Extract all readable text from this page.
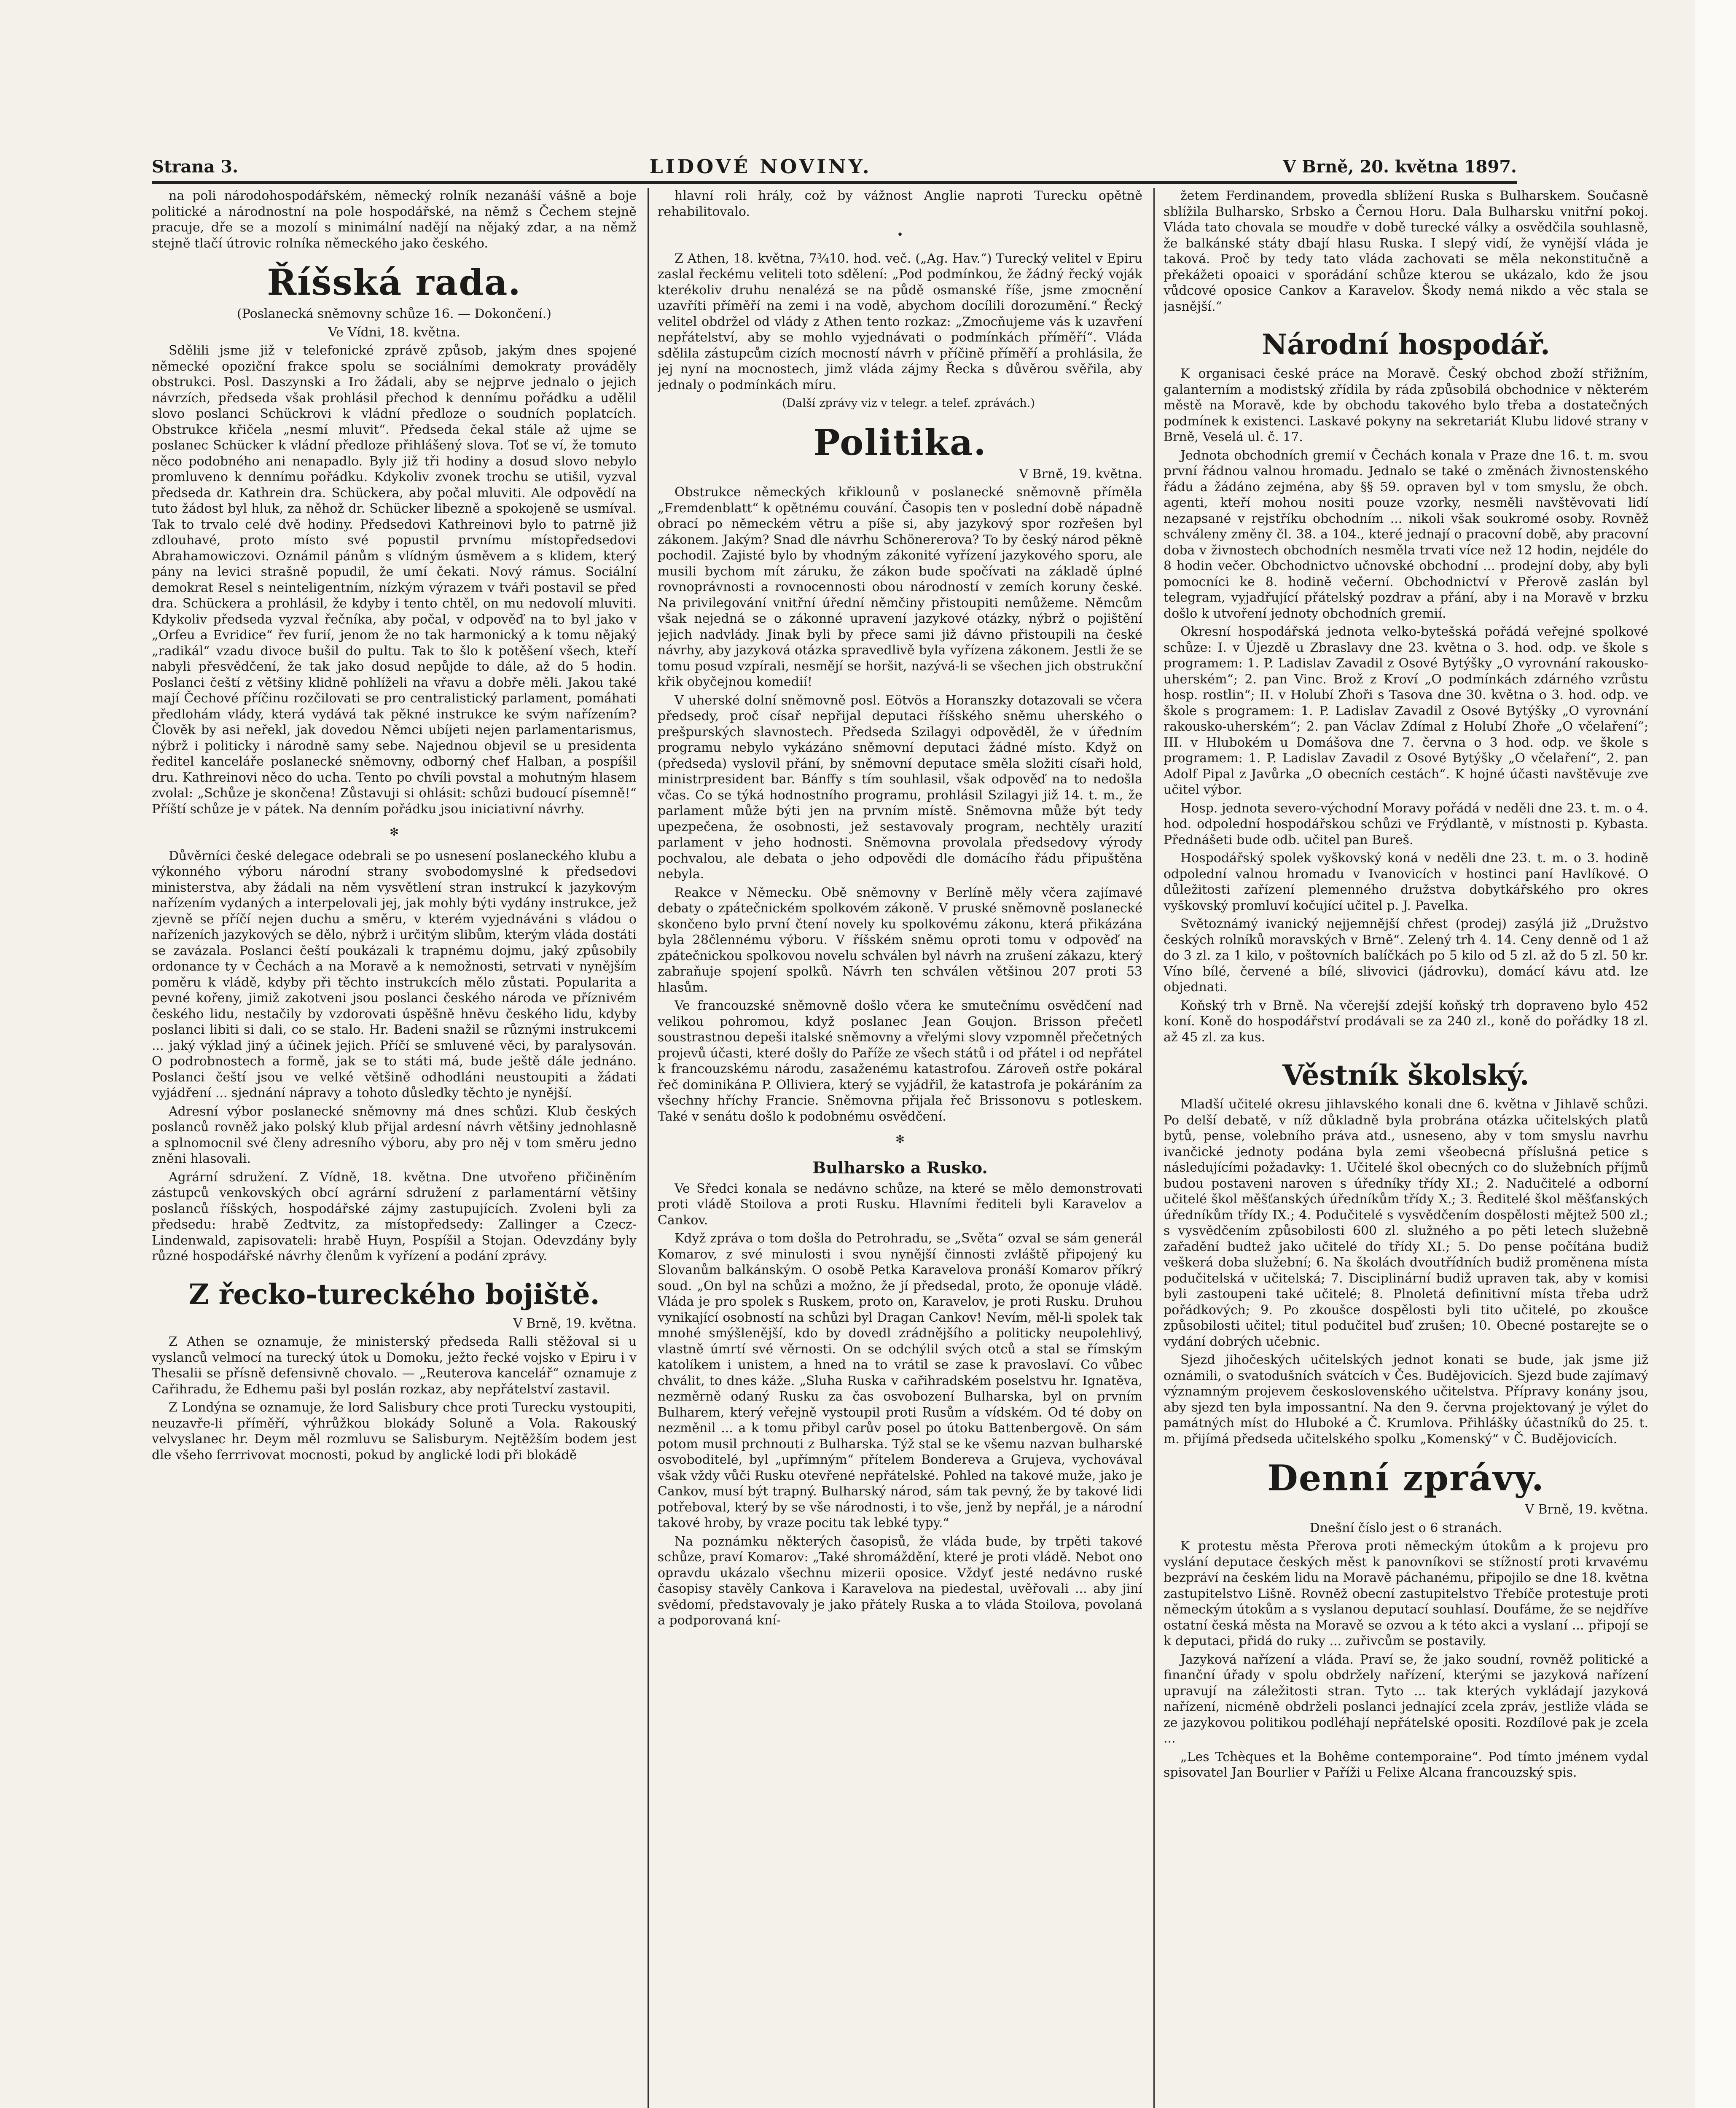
Strana 3.	LIDOVÉ NOVINY.	V Brně, 20. května 1897.

na poli národohospodářském, německý rolník nezanáší vášně a boje politické a národnostní na pole hospodářské, na němž s Čechem stejně pracuje, dře se a mozolí s minimální nadějí na nějaký zdar, a na němž stejně tlačí útrovic rolníka německého jako českého.

Říšská rada.

(Poslanecká sněmovny schůze 16. — Dokončení.)

Ve Vídni, 18. května.

Sdělili jsme již v telefonické zprávě způsob, jakým dnes spojené německé opoziční frakce spolu se sociálními demokraty prováděly obstrukci. Posl. Daszynski a Iro žádali, aby se nejprve jednalo o jejich návrzích, předseda však prohlásil přechod k dennímu pořádku a udělil slovo poslanci Schückrovi k vládní předloze o soudních poplatcích. Obstrukce křičela „nesmí mluvit“. Předseda čekal stále až ujme se poslanec Schücker k vládní předloze přihlášený slova. Toť se ví, že tomuto něco podobného ani nenapadlo. Byly již tři hodiny a dosud slovo nebylo promluveno k dennímu pořádku. Kdykoliv zvonek trochu se utišil, vyzval předseda dr. Kathrein dra. Schückera, aby počal mluviti. Ale odpovědí na tuto žádost byl hluk, za něhož dr. Schücker libezně a spokojeně se usmíval. Tak to trvalo celé dvě hodiny. Předsedovi Kathreinovi bylo to patrně již zdlouhavé, proto místo své popustil prvnímu místopředsedovi Abrahamowiczovi. Oznámil pánům s vlídným úsměvem a s klidem, který pány na levici strašně popudil, že umí čekati. Nový rámus. Sociální demokrat Resel s neinteligentním, nízkým výrazem v tváři postavil se před dra. Schückera a prohlásil, že kdyby i tento chtěl, on mu nedovolí mluviti. Kdykoliv předseda vyzval řečníka, aby počal, v odpověď na to byl jako v „Orfeu a Evridice“ řev furií, jenom že no tak harmonický a k tomu nějaký „radikál“ vzadu divoce bušil do pultu. Tak to šlo k potěšení všech, kteří nabyli přesvědčení, že tak jako dosud nepůjde to dále, až do 5 hodin. Poslanci čeští z většiny klidně pohlíželi na vřavu a dobře měli. Jakou také mají Čechové příčinu rozčilovati se pro centralistický parlament, pomáhati předlohám vlády, která vydává tak pěkné instrukce ke svým nařízením? Člověk by asi neřekl, jak dovedou Němci ubíjeti nejen parlamentarismus, nýbrž i politicky i národně samy sebe. Najednou objevil se u presidenta ředitel kanceláře poslanecké sněmovny, odborný chef Halban, a pospíšil dru. Kathreinovi něco do ucha. Tento po chvíli povstal a mohutným hlasem zvolal: „Schůze je skončena! Zůstavuji si ohlásit: schůzi budoucí písemně!“ Příští schůze je v pátek. Na denním pořádku jsou iniciativní návrhy.

✻

Důvěrníci české delegace odebrali se po usnesení poslaneckého klubu a výkonného výboru národní strany svobodomyslné k předsedovi ministerstva, aby žádali na něm vysvětlení stran instrukcí k jazykovým nařízením vydaných a interpelovali jej, jak mohly býti vydány instrukce, jež zjevně se příčí nejen duchu a směru, v kterém vyjednáváni s vládou o nařízeních jazykových se dělo, nýbrž i určitým slibům, kterým vláda dostáti se zavázala. Poslanci čeští poukázali k trapnému dojmu, jaký způsobily ordonance ty v Čechách a na Moravě a k nemožnosti, setrvati v nynějším poměru k vládě, kdyby při těchto instrukcích mělo zůstati. Popularita a pevné kořeny, jimiž zakotveni jsou poslanci českého národa ve příznivém českého lidu, nestačily by vzdorovati úspěšně hněvu českého lidu, kdyby poslanci libiti si dali, co se stalo. Hr. Badeni snažil se různými instrukcemi ... jaký výklad jiný a účinek jejich. Příčí se smluvené věci, by paralysován. O podrobnostech a formě, jak se to státi má, bude ještě dále jednáno. Poslanci čeští jsou ve velké většině odhodláni neustoupiti a žádati vyjádření ... sjednání nápravy a tohoto důsledky těchto je nynější.

Adresní výbor poslanecké sněmovny má dnes schůzi. Klub českých poslanců rovněž jako polský klub přijal ardesní návrh většiny jednohlasně a splnomocnil své členy adresního výboru, aby pro něj v tom směru jedno zněni hlasovali.

Agrární sdružení. Z Vídně, 18. května. Dne utvořeno přičiněním zástupců venkovských obcí agrární sdružení z parlamentární většiny poslanců říšských, hospodářské zájmy zastupujících. Zvoleni byli za předsedu: hrabě Zedtvitz, za místopředsedy: Zallinger a Czecz-Lindenwald, zapisovateli: hrabě Huyn, Pospíšil a Stojan. Odevzdány byly různé hospodářské návrhy členům k vyřízení a podání zprávy.

Z řecko-tureckého bojiště.

V Brně, 19. května.

Z Athen se oznamuje, že ministerský předseda Ralli stěžoval si u vyslanců velmocí na turecký útok u Domoku, ježto řecké vojsko v Epiru i v Thesalii se přísně defensivně chovalo. — „Reuterova kancelář“ oznamuje z Cařihradu, že Edhemu paši byl poslán rozkaz, aby nepřátelství zastavil.

Z Londýna se oznamuje, že lord Salisbury chce proti Turecku vystoupiti, neuzavře-li příměří, výhrůžkou blokády Soluně a Vola. Rakouský velvyslanec hr. Deym měl rozmluvu se Salisburym. Nejtěžším bodem jest dle všeho ferrrivovat mocnosti, pokud by anglické lodi při blokádě

hlavní roli hrály, což by vážnost Anglie naproti Turecku opětně rehabilitovalo.

•

Z Athen, 18. května, 7¾10. hod. več. („Ag. Hav.“) Turecký velitel v Epiru zaslal řeckému veliteli toto sdělení: „Pod podmínkou, že žádný řecký voják kterékoliv druhu nenalézá se na půdě osmanské říše, jsme zmocnění uzavříti příměří na zemi i na vodě, abychom docílili dorozumění.“ Řecký velitel obdržel od vlády z Athen tento rozkaz: „Zmocňujeme vás k uzavření nepřátelství, aby se mohlo vyjednávati o podmínkách příměří“. Vláda sdělila zástupcům cizích mocností návrh v příčině příměří a prohlásila, že jej nyní na mocnostech, jimž vláda zájmy Řecka s důvěrou svěřila, aby jednaly o podmínkách míru.

(Další zprávy viz v telegr. a telef. zprávách.)

Politika.

V Brně, 19. května.

Obstrukce německých křiklounů v poslanecké sněmovně příměla „Fremdenblatt“ k opětnému couvání. Časopis ten v poslední době nápadně obrací po německém větru a píše si, aby jazykový spor rozřešen byl zákonem. Jakým? Snad dle návrhu Schönererova? To by český národ pěkně pochodil. Zajisté bylo by vhodným zákonité vyřízení jazykového sporu, ale musili bychom mít záruku, že zákon bude spočívati na základě úplné rovnoprávnosti a rovnocennosti obou národností v zemích koruny české. Na privilegování vnitřní úřední němčiny přistoupiti nemůžeme. Němcům však nejedná se o zákonné upravení jazykové otázky, nýbrž o pojištění jejich nadvlády. Jinak byli by přece sami již dávno přistoupili na české návrhy, aby jazyková otázka spravedlivě byla vyřízena zákonem. Jestli že se tomu posud vzpírali, nesmějí se horšit, nazývá-li se všechen jich obstrukční křik obyčejnou komedií!

V uherské dolní sněmovně posl. Eötvös a Horanszky dotazovali se včera předsedy, proč císař nepřijal deputaci říšského sněmu uherského o prešpurských slavnostech. Předseda Szilagyi odpověděl, že v úředním programu nebylo vykázáno sněmovní deputaci žádné místo. Když on (předseda) vyslovil přání, by sněmovní deputace směla složiti císaři hold, ministrpresident bar. Bánffy s tím souhlasil, však odpověď na to nedošla včas. Co se týká hodnostního programu, prohlásil Szilagyi již 14. t. m., že parlament může býti jen na prvním místě. Sněmovna může být tedy upezpečena, že osobnosti, jež sestavovaly program, nechtěly urazití parlament v jeho hodnosti. Sněmovna provolala předsedovy výrody pochvalou, ale debata o jeho odpovědi dle domácího řádu připuštěna nebyla.

Reakce v Německu. Obě sněmovny v Berlíně měly včera zajímavé debaty o zpátečnickém spolkovém zákoně. V pruské sněmovně poslanecké skončeno bylo první čtení novely ku spolkovému zákonu, která přikázána byla 28člennému výboru. V říšském sněmu oproti tomu v odpověď na zpátečnickou spolkovou novelu schválen byl návrh na zrušení zákazu, který zabraňuje spojení spolků. Návrh ten schválen většinou 207 proti 53 hlasům.

Ve francouzské sněmovně došlo včera ke smutečnímu osvědčení nad velikou pohromou, když poslanec Jean Goujon. Brisson přečetl soustrastnou depeši italské sněmovny a vřelými slovy vzpomněl přečetných projevů účasti, které došly do Paříže ze všech států i od přátel i od nepřátel k francouzskému národu, zasaženému katastrofou. Zároveň ostře pokáral řeč dominikána P. Olliviera, který se vyjádřil, že katastrofa je pokáráním za všechny hříchy Francie. Sněmovna přijala řeč Brissonovu s potleskem. Také v senátu došlo k podobnému osvědčení.

✻
Bulharsko a Rusko.

Ve Sředci konala se nedávno schůze, na které se mělo demonstrovati proti vládě Stoilova a proti Rusku. Hlavními řediteli byli Karavelov a Cankov.

Když zpráva o tom došla do Petrohradu, se „Světa“ ozval se sám generál Komarov, z své minulosti i svou nynější činnosti zvláště připojený ku Slovanům balkánským. O osobě Petka Karavelova pronáší Komarov příkrý soud. „On byl na schůzi a možno, že jí předsedal, proto, že oponuje vládě. Vláda je pro spolek s Ruskem, proto on, Karavelov, je proti Rusku. Druhou vynikající osobností na schůzi byl Dragan Cankov! Nevím, měl-li spolek tak mnohé smýšlenější, kdo by dovedl zrádnějšího a politicky neupolehlivý, vlastně úmrtí své věrnosti. On se odchýlil svých otců a stal se římským katolíkem i unistem, a hned na to vrátil se zase k pravoslaví. Co vůbec chválit, to dnes káže. „Sluha Ruska v cařihradském poselstvu hr. Ignatěva, nezměrně odaný Rusku za čas osvobození Bulharska, byl on prvním Bulharem, který veřejně vystoupil proti Rusům a vídském. Od té doby on nezměnil ... a k tomu přibyl carův posel po útoku Battenbergově. On sám potom musil prchnouti z Bulharska. Týž stal se ke všemu nazvan bulharské osvoboditelé, byl „upřímným“ přítelem Bondereva a Grujeva, vychovával však vždy vůči Rusku otevřené nepřátelské. Pohled na takové muže, jako je Cankov, musí být trapný. Bulharský národ, sám tak pevný, že by takové lidi potřeboval, který by se vše národnosti, i to vše, jenž by nepřál, je a národní takové hroby, by vraze pocitu tak lebké typy.“

Na poznámku některých časopisů, že vláda bude, by trpěti takové schůze, praví Komarov: „Také shromáždění, které je proti vládě. Nebot ono opravdu ukázalo všechnu mizerii oposice. Vždyť jesté nedávno ruské časopisy stavěly Cankova i Karavelova na piedestal, uvěřovali ... aby jiní svědomí, představovaly je jako přátely Ruska a to vláda Stoilova, povolaná a podporovaná kní-

žetem Ferdinandem, provedla sblížení Ruska s Bulharskem. Současně sblížila Bulharsko, Srbsko a Černou Horu. Dala Bulharsku vnitřní pokoj. Vláda tato chovala se moudře v době turecké války a osvědčila souhlasně, že balkánské státy dbají hlasu Ruska. I slepý vidí, že vynější vláda je taková. Proč by tedy tato vláda zachovati se měla nekonstitučně a překážeti opoaici v sporádání schůze kterou se ukázalo, kdo že jsou vůdcové oposice Cankov a Karavelov. Škody nemá nikdo a věc stala se jasnější.“

Národní hospodář.

K organisaci české práce na Moravě. Český obchod zboží střižním, galanterním a modistský zřídila by ráda způsobilá obchodnice v některém městě na Moravě, kde by obchodu takového bylo třeba a dostatečných podmínek k existenci. Laskavé pokyny na sekretariát Klubu lidové strany v Brně, Veselá ul. č. 17.

Jednota obchodních gremií v Čechách konala v Praze dne 16. t. m. svou první řádnou valnou hromadu. Jednalo se také o změnách živnostenského řádu a žádáno zejména, aby §§ 59. opraven byl v tom smyslu, že obch. agenti, kteří mohou nositi pouze vzorky, nesměli navštěvovati lidí nezapsané v rejstříku obchodním ... nikoli však soukromé osoby. Rovněž schváleny změny čl. 38. a 104., které jednají o pracovní době, aby pracovní doba v živnostech obchodních nesměla trvati více než 12 hodin, nejdéle do 8 hodin večer. Obchodnictvo učnovské obchodní ... prodejní doby, aby byli pomocníci ke 8. hodině večerní. Obchodnictví v Přerově zaslán byl telegram, vyjadřující přátelský pozdrav a přání, aby i na Moravě v brzku došlo k utvoření jednoty obchodních gremií.

Okresní hospodářská jednota velko-bytešská pořádá veřejné spolkové schůze: I. v Újezdě u Zbraslavy dne 23. května o 3. hod. odp. ve škole s programem: 1. P. Ladislav Zavadil z Osové Bytýšky „O vyrovnání rakousko-uherském“; 2. pan Vinc. Brož z Kroví „O podmínkách zdárného vzrůstu hosp. rostlin“; II. v Holubí Zhoři s Tasova dne 30. května o 3. hod. odp. ve škole s programem: 1. P. Ladislav Zavadil z Osové Bytýšky „O vyrovnání rakousko-uherském“; 2. pan Václav Zdímal z Holubí Zhoře „O včelaření“; III. v Hlubokém u Domášova dne 7. června o 3 hod. odp. ve škole s programem: 1. P. Ladislav Zavadil z Osové Bytýšky „O včelaření“, 2. pan Adolf Pipal z Javůrka „O obecních cestách“. K hojné účasti navštěvuje zve učitel výbor.

Hosp. jednota severo-východní Moravy pořádá v neděli dne 23. t. m. o 4. hod. odpolední hospodářskou schůzi ve Frýdlantě, v místnosti p. Kybasta. Přednášeti bude odb. učitel pan Bureš.

Hospodářský spolek vyškovský koná v neděli dne 23. t. m. o 3. hodině odpolední valnou hromadu v Ivanovicích v hostinci paní Havlíkové. O důležitosti zařízení plemenného družstva dobytkářského pro okres vyškovský promluví kočující učitel p. J. Pavelka.

Světoznámý ivanický nejjemnější chřest (prodej) zasýlá již „Družstvo českých rolníků moravských v Brně“. Zelený trh 4. 14. Ceny denně od 1 až do 3 zl. za 1 kilo, v poštovních balíčkách po 5 kilo od 5 zl. až do 5 zl. 50 kr. Víno bílé, červené a bílé, slivovici (jádrovku), domácí kávu atd. lze objednati.

Koňský trh v Brně. Na včerejší zdejší koňský trh dopraveno bylo 452 koní. Koně do hospodářství prodávali se za 240 zl., koně do pořádky 18 zl. až 45 zl. za kus.

Věstník školský.

Mladší učitelé okresu jihlavského konali dne 6. května v Jihlavě schůzi. Po delší debatě, v níž důkladně byla probrána otázka učitelských platů bytů, pense, volebního práva atd., usneseno, aby v tom smyslu navrhu ivančické jednoty podána byla zemi všeobecná příslušná petice s následujícími požadavky: 1. Učitelé škol obecných co do služebních příjmů budou postaveni naroven s úředníky třídy XI.; 2. Nadučitelé a odborní učitelé škol měšťanských úředníkům třídy X.; 3. Ředitelé škol měšťanských úředníkům třídy IX.; 4. Podučitelé s vysvědčením dospělosti mějtež 500 zl.; s vysvědčením způsobilosti 600 zl. služného a po pěti letech služebně zařadění budtež jako učitelé do třídy XI.; 5. Do pense počítána budiž veškerá doba služební; 6. Na školách dvoutřídních budiž proměnena místa podučitelská v učitelská; 7. Disciplinární budiž upraven tak, aby v komisi byli zastoupeni také učitelé; 8. Plnoletá definitivní místa třeba udrž pořádkových; 9. Po zkoušce dospělosti byli tito učitelé, po zkoušce způsobilosti učitel; titul podučitel buď zrušen; 10. Obecné postarejte se o vydání dobrých učebnic.

Sjezd jihočeských učitelských jednot konati se bude, jak jsme již oznámili, o svatodušních svátcích v Čes. Budějovicích. Sjezd bude zajímavý významným projevem československého učitelstva. Přípravy konány jsou, aby sjezd ten byla impossantní. Na den 9. června projektovaný je výlet do památných míst do Hluboké a Č. Krumlova. Přihlášky účastníků do 25. t. m. přijímá předseda učitelského spolku „Komenský“ v Č. Budějovicích.

Denní zprávy.

V Brně, 19. května.

Dnešní číslo jest o 6 stranách.

K protestu města Přerova proti německým útokům a k projevu pro vyslání deputace českých měst k panovníkovi se stížností proti krvavému bezpráví na českém lidu na Moravě páchanému, připojilo se dne 18. května zastupitelstvo Lišně. Rovněž obecní zastupitelstvo Třebíče protestuje proti německým útokům a s vyslanou deputací souhlasí. Doufáme, že se nejdříve ostatní česká města na Moravě se ozvou a k této akci a vyslaní ... připojí se k deputaci, přidá do ruky ... zuřivcům se postavily.

Jazyková nařízení a vláda. Praví se, že jako soudní, rovněž politické a finanční úřady v spolu obdržely nařízení, kterými se jazyková nařízení upravují na záležitosti stran. Tyto ... tak kterých vykládají jazyková nařízení, nicméně obdrželi poslanci jednající zcela zpráv, jestliže vláda se ze jazykovou politikou podléhají nepřátelské opositi. Rozdílové pak je zcela ...

„Les Tchèques et la Bohême contemporaine“. Pod tímto jménem vydal spisovatel Jan Bourlier v Paříži u Felixe Alcana francouzský spis.
